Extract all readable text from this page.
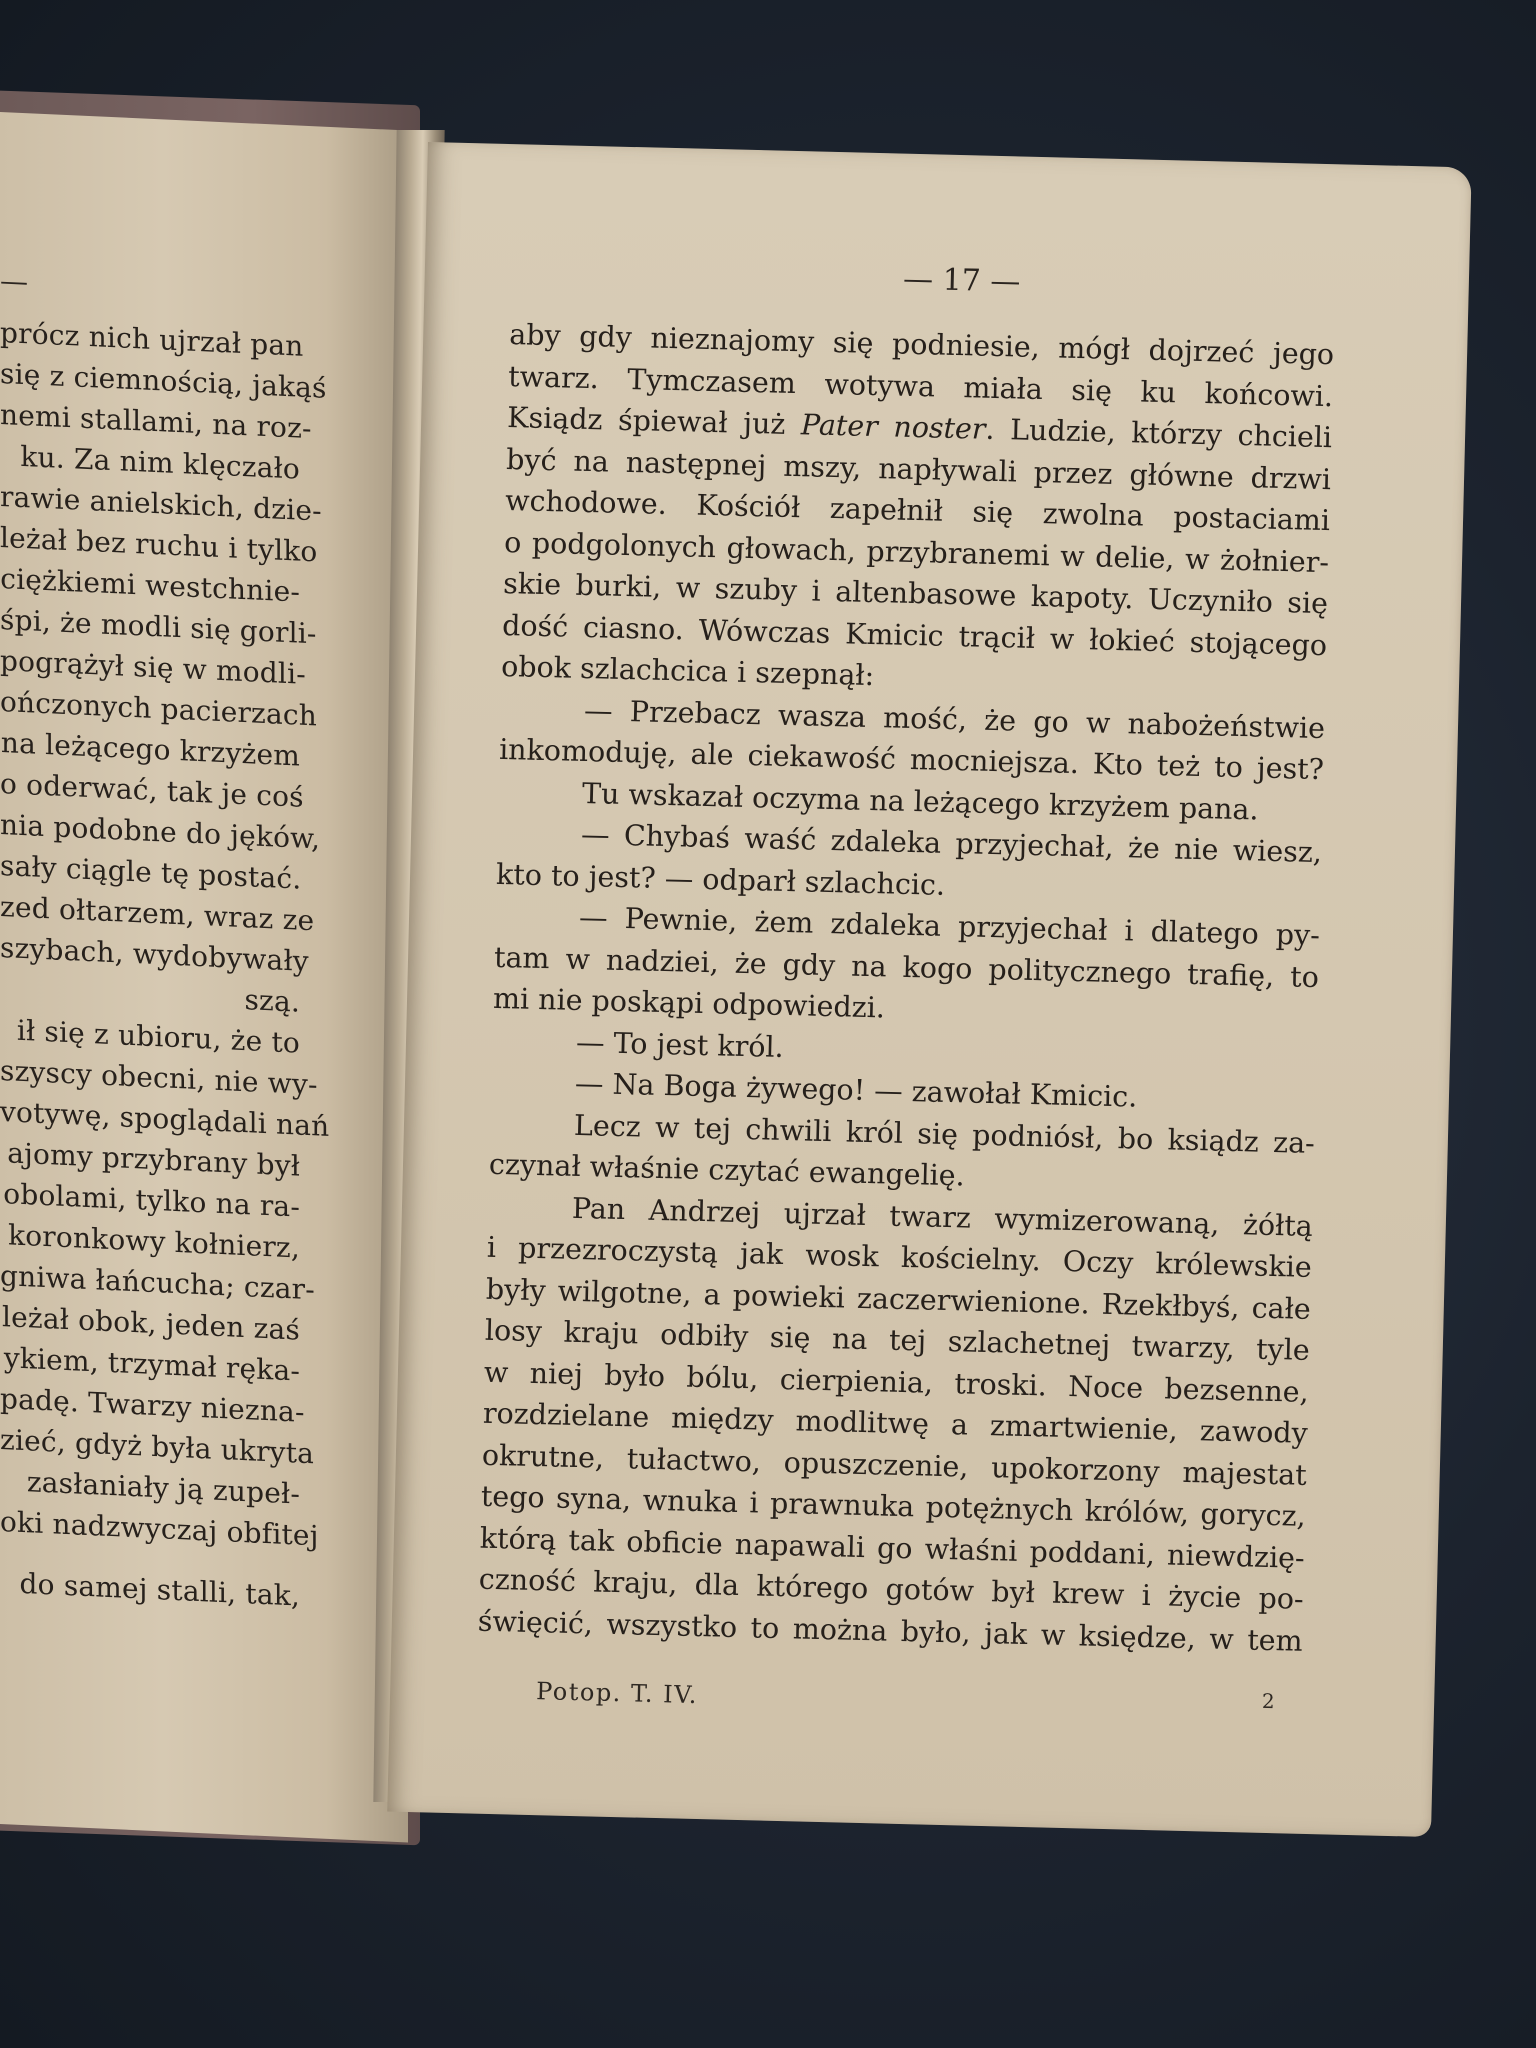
—
prócz nich ujrzał pan
się z ciemnością, jakąś
nemi stallami, na roz-
ku. Za nim klęczało
rawie anielskich, dzie-
leżał bez ruchu i tylko
ciężkiemi westchnie-
śpi, że modli się gorli-
pogrążył się w modli-
ończonych pacierzach
na leżącego krzyżem
o oderwać, tak je coś
nia podobne do jęków,
sały ciągle tę postać.
zed ołtarzem, wraz ze
szybach, wydobywały
szą.
ił się z ubioru, że to
szyscy obecni, nie wy-
votywę, spoglądali nań
ajomy przybrany był
obolami, tylko na ra-
koronkowy kołnierz,
gniwa łańcucha; czar-
leżał obok, jeden zaś
ykiem, trzymał ręka-
padę. Twarzy niezna-
zieć, gdyż była ukryta
zasłaniały ją zupeł-
oki nadzwyczaj obfitej
do samej stalli, tak,
— 17 —
aby gdy nieznajomy się podniesie, mógł dojrzeć jego
twarz. Tymczasem wotywa miała się ku końcowi.
Ksiądz śpiewał już Pater noster. Ludzie, którzy chcieli
być na następnej mszy, napływali przez główne drzwi
wchodowe. Kościół zapełnił się zwolna postaciami
o podgolonych głowach, przybranemi w delie, w żołnier-
skie burki, w szuby i altenbasowe kapoty. Uczyniło się
dość ciasno. Wówczas Kmicic trącił w łokieć stojącego
obok szlachcica i szepnął:
— Przebacz wasza mość, że go w nabożeństwie
inkomoduję, ale ciekawość mocniejsza. Kto też to jest?
Tu wskazał oczyma na leżącego krzyżem pana.
— Chybaś waść zdaleka przyjechał, że nie wiesz,
kto to jest? — odparł szlachcic.
— Pewnie, żem zdaleka przyjechał i dlatego py-
tam w nadziei, że gdy na kogo politycznego trafię, to
mi nie poskąpi odpowiedzi.
— To jest król.
— Na Boga żywego! — zawołał Kmicic.
Lecz w tej chwili król się podniósł, bo ksiądz za-
czynał właśnie czytać ewangelię.
Pan Andrzej ujrzał twarz wymizerowaną, żółtą
i przezroczystą jak wosk kościelny. Oczy królewskie
były wilgotne, a powieki zaczerwienione. Rzekłbyś, całe
losy kraju odbiły się na tej szlachetnej twarzy, tyle
w niej było bólu, cierpienia, troski. Noce bezsenne,
rozdzielane między modlitwę a zmartwienie, zawody
okrutne, tułactwo, opuszczenie, upokorzony majestat
tego syna, wnuka i prawnuka potężnych królów, gorycz,
którą tak obficie napawali go właśni poddani, niewdzię-
czność kraju, dla którego gotów był krew i życie po-
święcić, wszystko to można było, jak w księdze, w tem
Potop. T. IV.	2
